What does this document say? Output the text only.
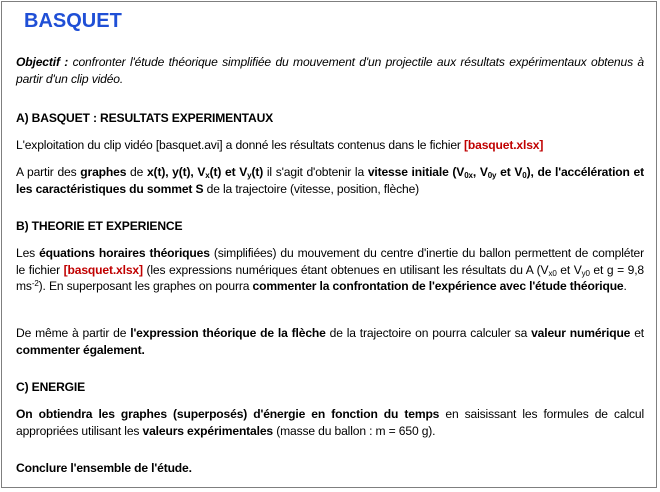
BASQUET

Objectif : confronter l'étude théorique simplifiée du mouvement d'un projectile aux résultats expérimentaux obtenus à partir d'un clip vidéo.

A) BASQUET : RESULTATS EXPERIMENTAUX

L'exploitation du clip vidéo [basquet.avi] a donné les résultats contenus dans le fichier [basquet.xlsx]

A partir des graphes de x(t), y(t), $V_x(t)$ et $V_y(t)$ il s'agit d'obtenir la vitesse initiale ($V_{0x}$, $V_{0y}$ et $V_0$), de l'accélération et les caractéristiques du sommet S de la trajectoire (vitesse, position, flèche)

B) THEORIE ET EXPERIENCE

Les équations horaires théoriques (simplifiées) du mouvement du centre d'inertie du ballon permettent de compléter le fichier [basquet.xlsx] (les expressions numériques étant obtenues en utilisant les résultats du A ($V_{x0}$ et $V_{y0}$ et g = 9,8 $ms^{-2}$). En superposant les graphes on pourra commenter la confrontation de l'expérience avec l'étude théorique.

De même à partir de l'expression théorique de la flèche de la trajectoire on pourra calculer sa valeur numérique et commenter également.

C) ENERGIE

On obtiendra les graphes (superposés) d'énergie en fonction du temps en saisissant les formules de calcul appropriées utilisant les valeurs expérimentales (masse du ballon : m = 650 g).

Conclure l'ensemble de l'étude.
